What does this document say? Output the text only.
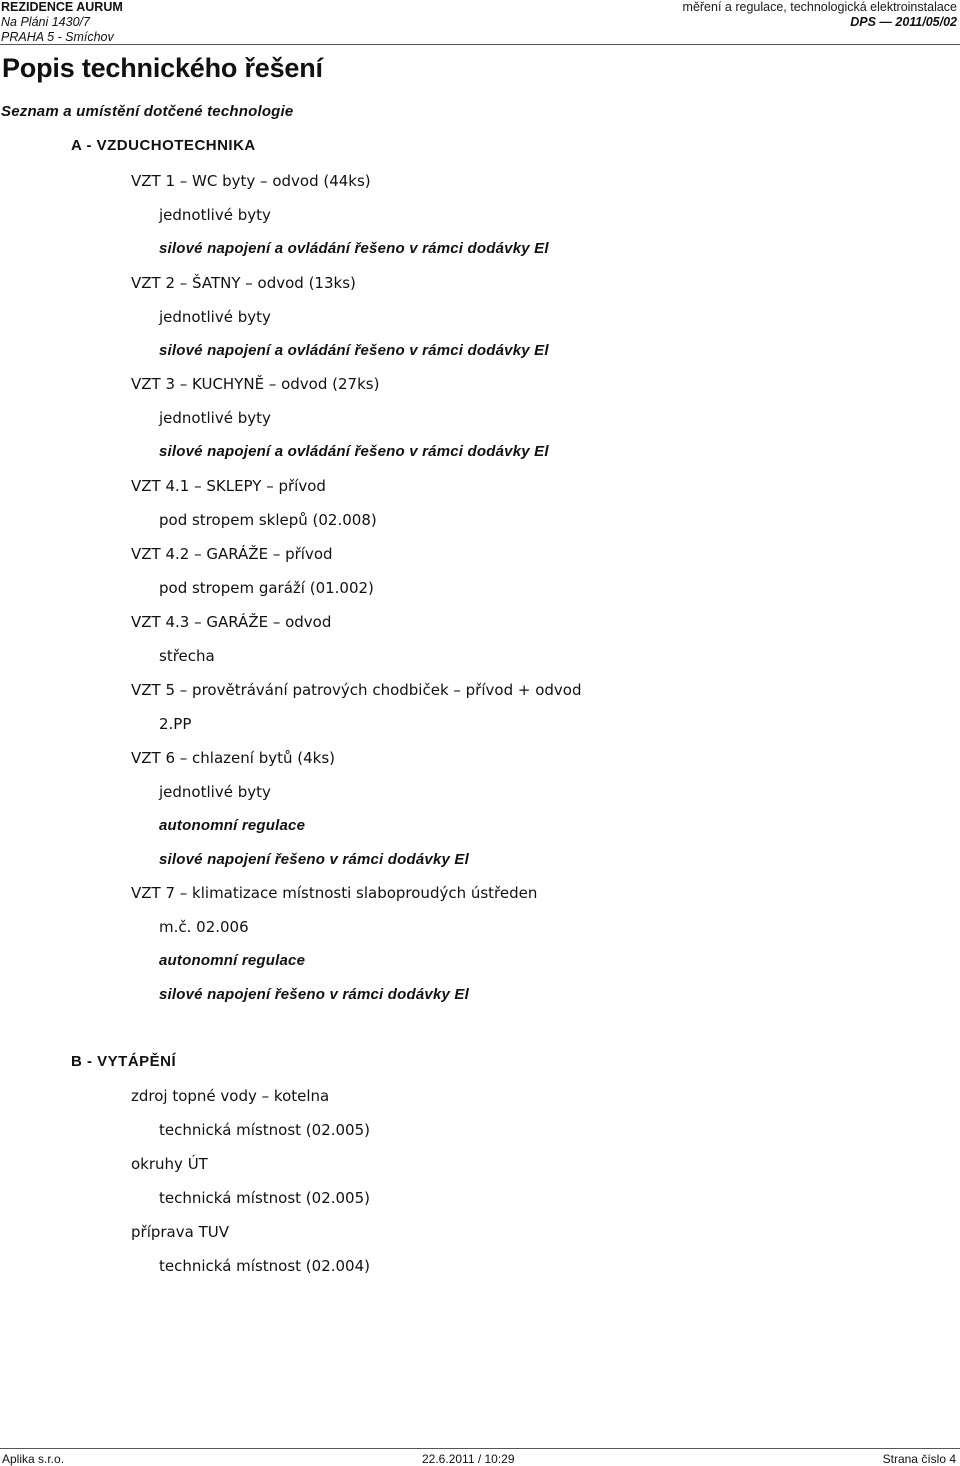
REZIDENCE AURUM
Na Pláni 1430/7
PRAHA 5 - Smíchov
měření a regulace, technologická elektroinstalace
DPS — 2011/05/02
Popis technického řešení
Seznam a umístění dotčené technologie
A - VZDUCHOTECHNIKA
VZT 1 – WC byty – odvod (44ks)
jednotlivé byty
silové napojení a ovládání řešeno v rámci dodávky El
VZT 2 – ŠATNY – odvod (13ks)
jednotlivé byty
silové napojení a ovládání řešeno v rámci dodávky El
VZT 3 – KUCHYNĚ – odvod (27ks)
jednotlivé byty
silové napojení a ovládání řešeno v rámci dodávky El
VZT 4.1 – SKLEPY – přívod
pod stropem sklepů (02.008)
VZT 4.2 – GARÁŽE – přívod
pod stropem garáží (01.002)
VZT 4.3 – GARÁŽE – odvod
střecha
VZT 5 – provětrávání patrových chodbiček – přívod + odvod
2.PP
VZT 6 – chlazení bytů (4ks)
jednotlivé byty
autonomní regulace
silové napojení řešeno v rámci dodávky El
VZT 7 – klimatizace místnosti slaboproudých ústředen
m.č. 02.006
autonomní regulace
silové napojení řešeno v rámci dodávky El
B - VYTÁPĚNÍ
zdroj topné vody – kotelna
technická místnost (02.005)
okruhy ÚT
technická místnost (02.005)
příprava TUV
technická místnost (02.004)
Aplika s.r.o.	22.6.2011 / 10:29	Strana číslo 4
